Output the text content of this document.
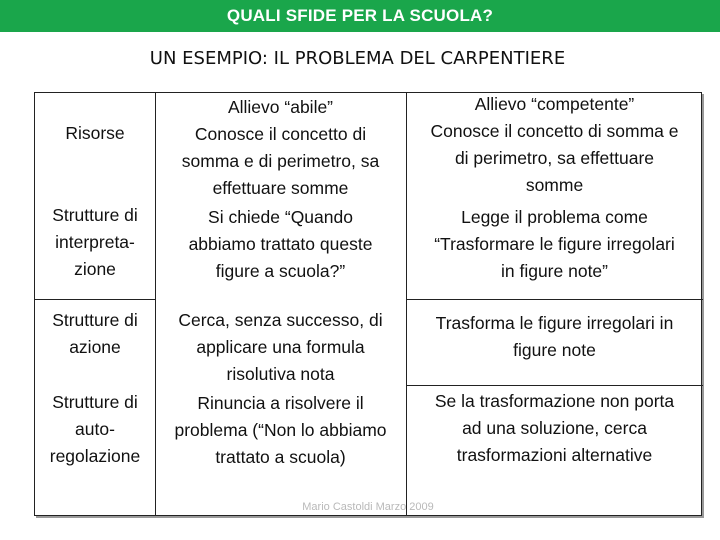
QUALI SFIDE PER LA SCUOLA?
UN ESEMPIO: IL PROBLEMA DEL CARPENTIERE
Risorse
Strutture di
interpreta-
zione
Strutture di
azione
Strutture di
auto-
regolazione
Allievo “abile”
Conosce il concetto di
somma e di perimetro, sa
effettuare somme
Si chiede “Quando
abbiamo trattato queste
figure a scuola?”
Cerca, senza successo, di
applicare una formula
risolutiva nota
Rinuncia a risolvere il
problema (“Non lo abbiamo
trattato a scuola)
Allievo “competente”
Conosce il concetto di somma e
di perimetro, sa effettuare
somme
Legge il problema come
“Trasformare le figure irregolari
in figure note”
Trasforma le figure irregolari in
figure note
Se la trasformazione non porta
ad una soluzione, cerca
trasformazioni alternative
Mario Castoldi Marzo 2009
